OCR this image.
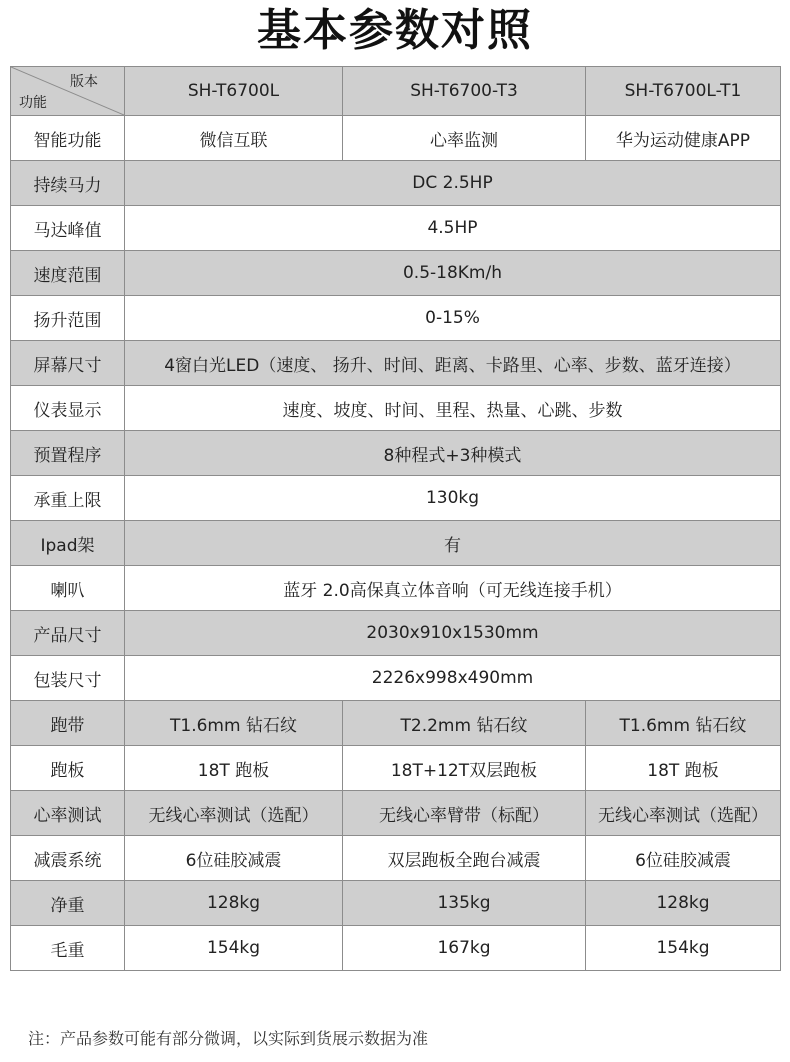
基本参数对照
版本
功能	SH-T6700L	SH-T6700-T3	SH-T6700L-T1
智能功能	微信互联	心率监测	华为运动健康APP
持续马力	DC 2.5HP		
马达峰值	4.5HP		
速度范围	0.5-18Km/h		
扬升范围	0-15%		
屏幕尺寸	4窗白光LED（速度、 扬升、时间、距离、卡路里、心率、步数、蓝牙连接）		
仪表显示	速度、坡度、时间、里程、热量、心跳、步数		
预置程序	8种程式+3种模式		
承重上限	130kg		
Ipad架	有		
喇叭	蓝牙 2.0高保真立体音响（可无线连接手机）		
产品尺寸	2030x910x1530mm		
包装尺寸	2226x998x490mm		
跑带	T1.6mm 钻石纹	T2.2mm 钻石纹	T1.6mm 钻石纹
跑板	18T 跑板	18T+12T双层跑板	18T 跑板
心率测试	无线心率测试（选配）	无线心率臂带（标配）	无线心率测试（选配）
减震系统	6位硅胶减震	双层跑板全跑台减震	6位硅胶减震
净重	128kg	135kg	128kg
毛重	154kg	167kg	154kg
注：产品参数可能有部分微调，以实际到货展示数据为准
